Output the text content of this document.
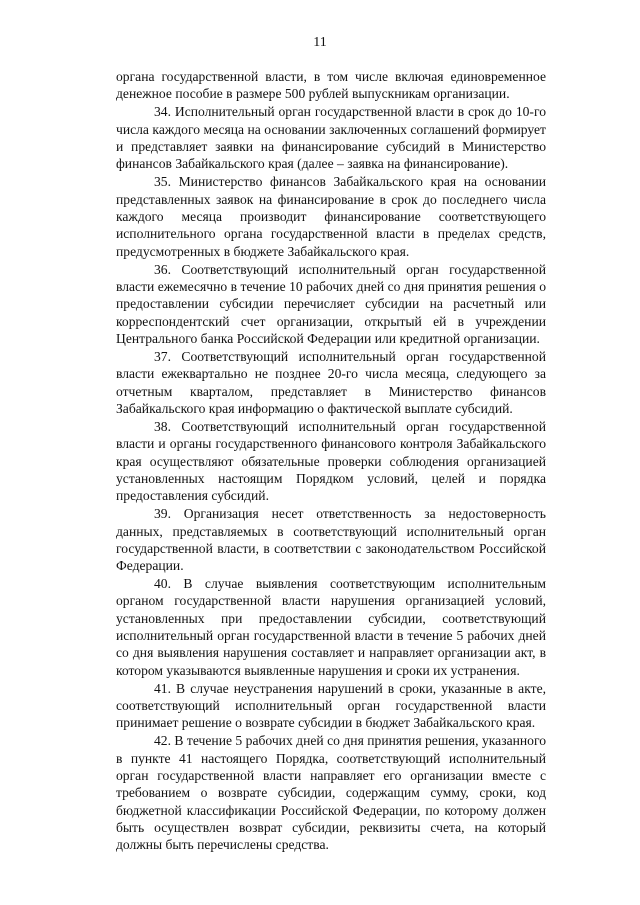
11

органа государственной власти, в том числе включая единовременное денежное пособие в размере 500 рублей выпускникам организации.

34. Исполнительный орган государственной власти в срок до 10-го числа каждого месяца на основании заключенных соглашений формирует и представляет заявки на финансирование субсидий в Министерство финансов Забайкальского края (далее – заявка на финансирование).

35. Министерство финансов Забайкальского края на основании представленных заявок на финансирование в срок до последнего числа каждого месяца производит финансирование соответствующего исполнительного органа государственной власти в пределах средств, предусмотренных в бюджете Забайкальского края.

36. Соответствующий исполнительный орган государственной власти ежемесячно в течение 10 рабочих дней со дня принятия решения о предоставлении субсидии перечисляет субсидии на расчетный или корреспондентский счет организации, открытый ей в учреждении Центрального банка Российской Федерации или кредитной организации.

37. Соответствующий исполнительный орган государственной власти ежеквартально не позднее 20-го числа месяца, следующего за отчетным кварталом, представляет в Министерство финансов Забайкальского края информацию о фактической выплате субсидий.

38. Соответствующий исполнительный орган государственной власти и органы государственного финансового контроля Забайкальского края осуществляют обязательные проверки соблюдения организацией установленных настоящим Порядком условий, целей и порядка предоставления субсидий.

39. Организация несет ответственность за недостоверность данных, представляемых в соответствующий исполнительный орган государственной власти, в соответствии с законодательством Российской Федерации.

40. В случае выявления соответствующим исполнительным органом государственной власти нарушения организацией условий, установленных при предоставлении субсидии, соответствующий исполнительный орган государственной власти в течение 5 рабочих дней со дня выявления нарушения составляет и направляет организации акт, в котором указываются выявленные нарушения и сроки их устранения.

41. В случае неустранения нарушений в сроки, указанные в акте, соответствующий исполнительный орган государственной власти принимает решение о возврате субсидии в бюджет Забайкальского края.

42. В течение 5 рабочих дней со дня принятия решения, указанного в пункте 41 настоящего Порядка, соответствующий исполнительный орган государственной власти направляет его организации вместе с требованием о возврате субсидии, содержащим сумму, сроки, код бюджетной классификации Российской Федерации, по которому должен быть осуществлен возврат субсидии, реквизиты счета, на который должны быть перечислены средства.
